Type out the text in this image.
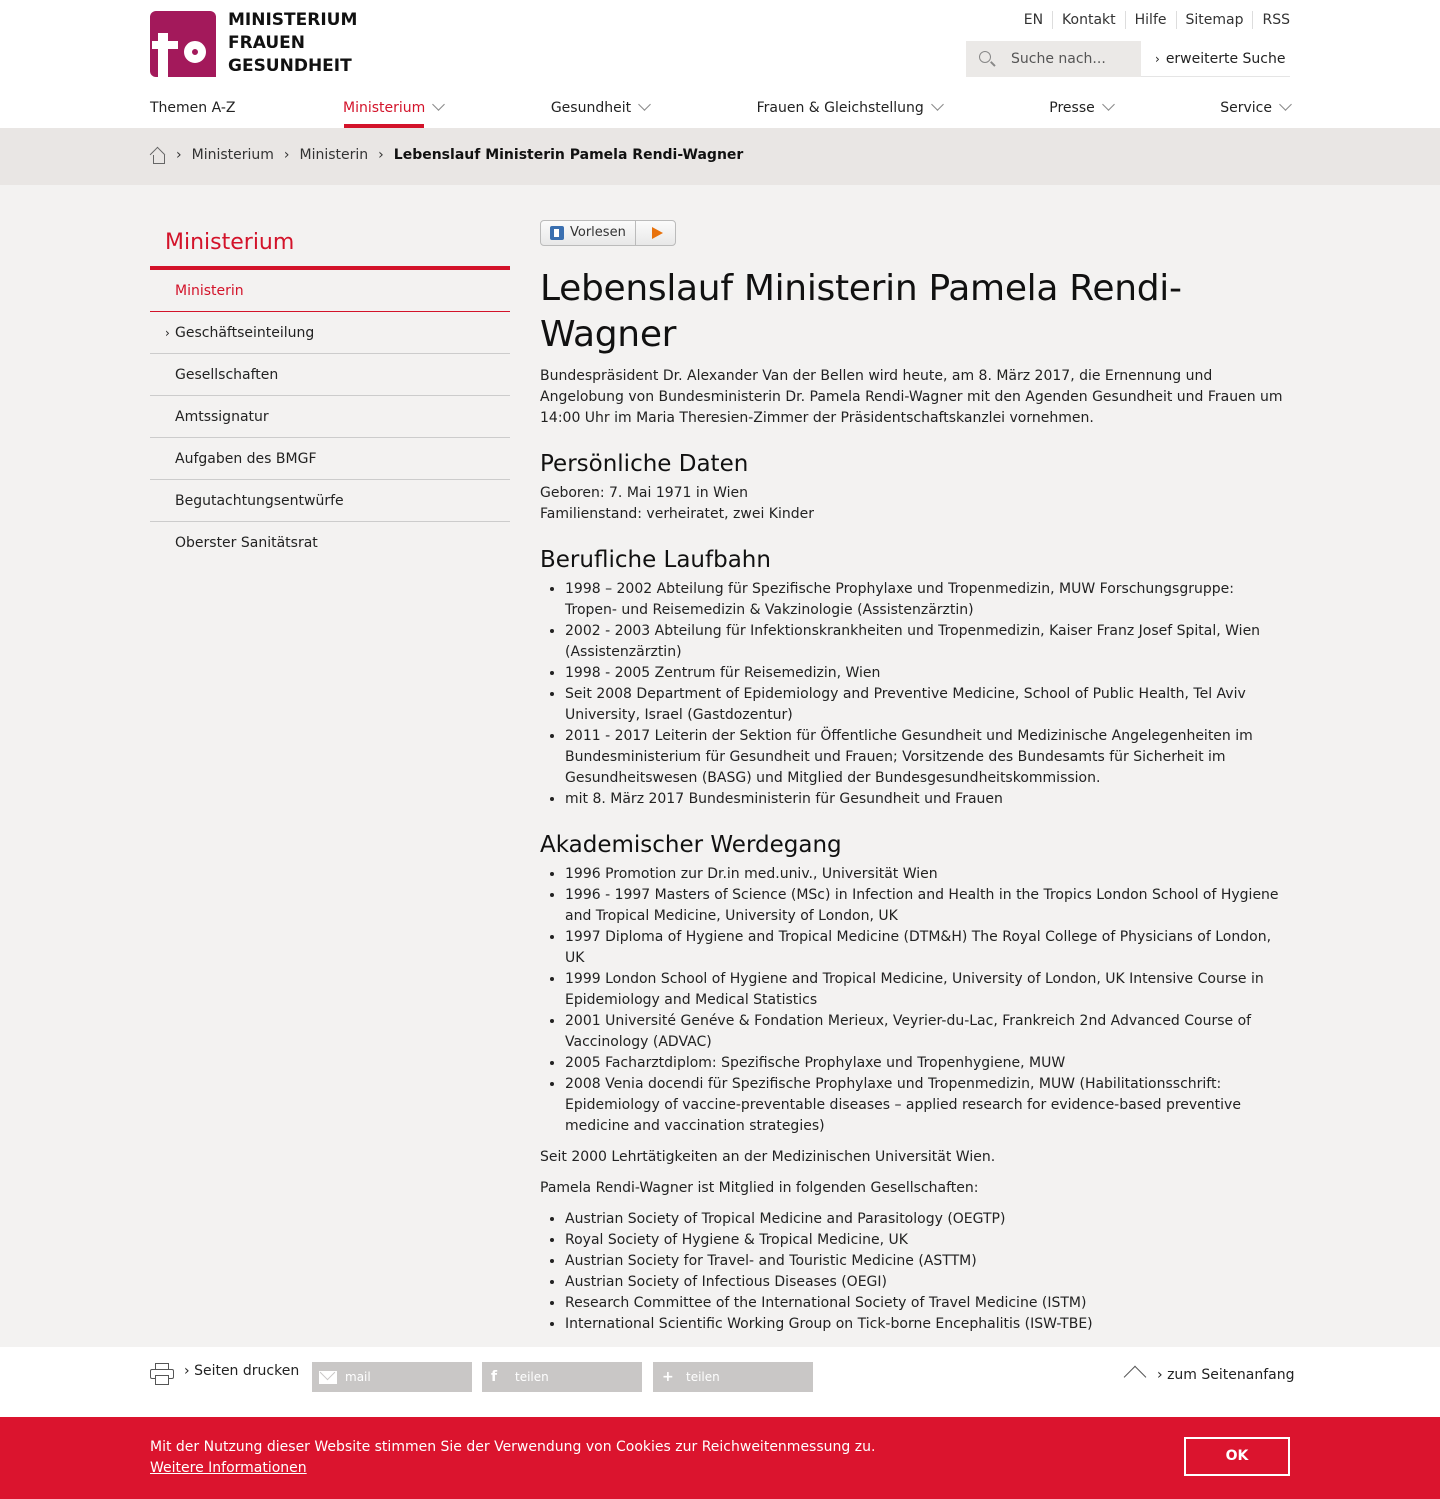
MINISTERIUM
FRAUEN
GESUNDHEIT
EN	Kontakt	Hilfe	Sitemap	RSS
Suche nach...
› erweiterte Suche
Themen A-Z	Ministerium	Gesundheit	Frauen & Gleichstellung	Presse	Service
› Ministerium › Ministerin › Lebenslauf Ministerin Pamela Rendi-Wagner
Ministerium
Ministerin
› Geschäftseinteilung
Gesellschaften
Amtssignatur
Aufgaben des BMGF
Begutachtungsentwürfe
Oberster Sanitätsrat
Vorlesen
Lebenslauf Ministerin Pamela Rendi-Wagner

Bundespräsident Dr. Alexander Van der Bellen wird heute, am 8. März 2017, die Ernennung und Angelobung von Bundesministerin Dr. Pamela Rendi-Wagner mit den Agenden Gesundheit und Frauen um 14:00 Uhr im Maria Theresien-Zimmer der Präsidentschaftskanzlei vornehmen.

Persönliche Daten

Geboren: 7. Mai 1971 in Wien

Familienstand: verheiratet, zwei Kinder

Berufliche Laufbahn
• 1998 – 2002 Abteilung für Spezifische Prophylaxe und Tropenmedizin, MUW Forschungsgruppe: Tropen- und Reisemedizin & Vakzinologie (Assistenzärztin)
• 2002 - 2003 Abteilung für Infektionskrankheiten und Tropenmedizin, Kaiser Franz Josef Spital, Wien (Assistenzärztin)
• 1998 - 2005 Zentrum für Reisemedizin, Wien
• Seit 2008 Department of Epidemiology and Preventive Medicine, School of Public Health, Tel Aviv University, Israel (Gastdozentur)
• 2011 - 2017 Leiterin der Sektion für Öffentliche Gesundheit und Medizinische Angelegenheiten im Bundesministerium für Gesundheit und Frauen; Vorsitzende des Bundesamts für Sicherheit im Gesundheitswesen (BASG) und Mitglied der Bundesgesundheitskommission.
• mit 8. März 2017 Bundesministerin für Gesundheit und Frauen
Akademischer Werdegang
• 1996 Promotion zur Dr.in med.univ., Universität Wien
• 1996 - 1997 Masters of Science (MSc) in Infection and Health in the Tropics London School of Hygiene and Tropical Medicine, University of London, UK
• 1997 Diploma of Hygiene and Tropical Medicine (DTM&H) The Royal College of Physicians of London, UK
• 1999 London School of Hygiene and Tropical Medicine, University of London, UK Intensive Course in Epidemiology and Medical Statistics
• 2001 Université Genéve & Fondation Merieux, Veyrier-du-Lac, Frankreich 2nd Advanced Course of Vaccinology (ADVAC)
• 2005 Facharztdiplom: Spezifische Prophylaxe und Tropenhygiene, MUW
• 2008 Venia docendi für Spezifische Prophylaxe und Tropenmedizin, MUW (Habilitationsschrift: Epidemiology of vaccine-preventable diseases – applied research for evidence-based preventive medicine and vaccination strategies)

Seit 2000 Lehrtätigkeiten an der Medizinischen Universität Wien.

Pamela Rendi-Wagner ist Mitglied in folgenden Gesellschaften:

• Austrian Society of Tropical Medicine and Parasitology (OEGTP)
• Royal Society of Hygiene & Tropical Medicine, UK
• Austrian Society for Travel- and Touristic Medicine (ASTTM)
• Austrian Society of Infectious Diseases (OEGI)
• Research Committee of the International Society of Travel Medicine (ISTM)
• International Scientific Working Group on Tick-borne Encephalitis (ISW-TBE)
› Seiten drucken	mail	f teilen	+ teilen	› zum Seitenanfang
Mit der Nutzung dieser Website stimmen Sie der Verwendung von Cookies zur Reichweitenmessung zu.
Weitere Informationen
OK
